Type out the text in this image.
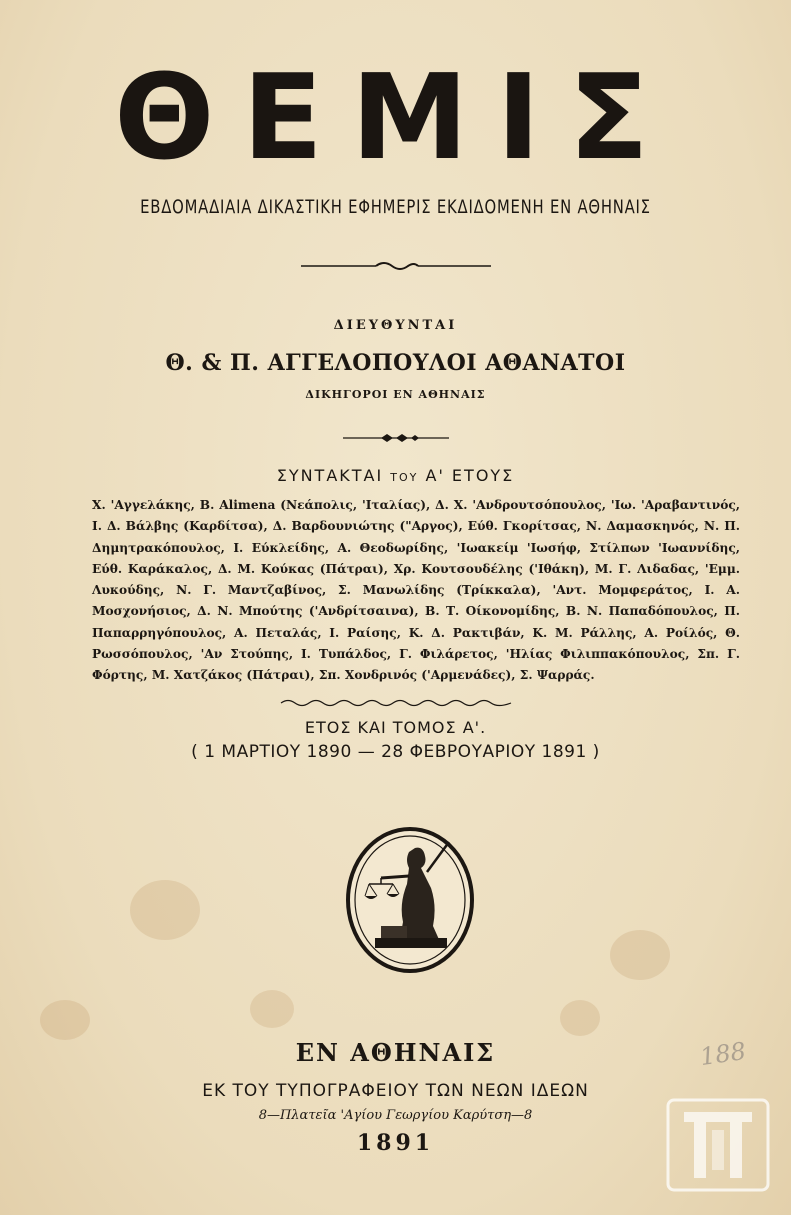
ΘΕΜΙΣ
ΕΒΔΟΜΑΔΙΑΙΑ ΔΙΚΑΣΤΙΚΗ ΕΦΗΜΕΡΙΣ ΕΚΔΙΔΟΜΕΝΗ ΕΝ ΑΘΗΝΑΙΣ
ΔΙΕΥΘΥΝΤΑΙ
Θ. & Π. ΑΓΓΕΛΟΠΟΥΛΟΙ ΑΘΑΝΑΤΟΙ
ΔΙΚΗΓΟΡΟΙ ΕΝ ΑΘΗΝΑΙΣ
ΣΥΝΤΑΚΤΑΙ ΤΟΥ Α' ΕΤΟΥΣ
Χ. 'Αγγελάκης, Β. Alimena (Νεάπολις, 'Ιταλίας), Δ. Χ. 'Ανδρουτσόπουλος, 'Ιω. 'Αραβαντινός, Ι. Δ. Βάλβης (Καρδίτσα), Δ. Βαρδουνιώτης ("Αργος), Εύθ. Γκορίτσας, Ν. Δαμασκηνός, Ν. Π. Δημητρακόπουλος, Ι. Εύκλείδης, Α. Θεοδωρίδης, 'Ιωακείμ 'Ιωσήφ, Στίλπων 'Ιωαννίδης, Εύθ. Καράκαλος, Δ. Μ. Κούκας (Πάτραι), Χρ. Κουτσουδέλης ('Ιθάκη), Μ. Γ. Λιδαδας, 'Εμμ. Λυκούδης, Ν. Γ. Μαντζαβίνος, Σ. Μανωλίδης (Τρίκκαλα), 'Αντ. Μομφεράτος, Ι. Α. Μοσχονήσιος, Δ. Ν. Μπούτης ('Ανδρίτσαινα), Β. Τ. Οίκονομίδης, Β. Ν. Παπαδόπουλος, Π. Παπαρρηγόπουλος, Α. Πεταλάς, Ι. Ραίσης, Κ. Δ. Ρακτιβάν, Κ. Μ. Ράλλης, Α. Ροίλός, Θ. Ρωσσόπουλος, 'Αν Στούπης, Ι. Τυπάλδος, Γ. Φιλάρετος, 'Ηλίας Φιλιππακόπουλος, Σπ. Γ. Φόρτης, Μ. Χατζάκος (Πάτραι), Σπ. Χονδρινός ('Αρμενάδες), Σ. Ψαρράς.
ΕΤΟΣ ΚΑΙ ΤΟΜΟΣ Α'.
( 1 ΜΑΡΤΙΟΥ 1890 — 28 ΦΕΒΡΟΥΑΡΙΟΥ 1891 )
ΕΝ ΑΘΗΝΑΙΣ
ΕΚ ΤΟΥ ΤΥΠΟΓΡΑΦΕΙΟΥ ΤΩΝ ΝΕΩΝ ΙΔΕΩΝ
8—Πλατεῖα 'Αγίου Γεωργίου Καρύτση—8
1891
188
